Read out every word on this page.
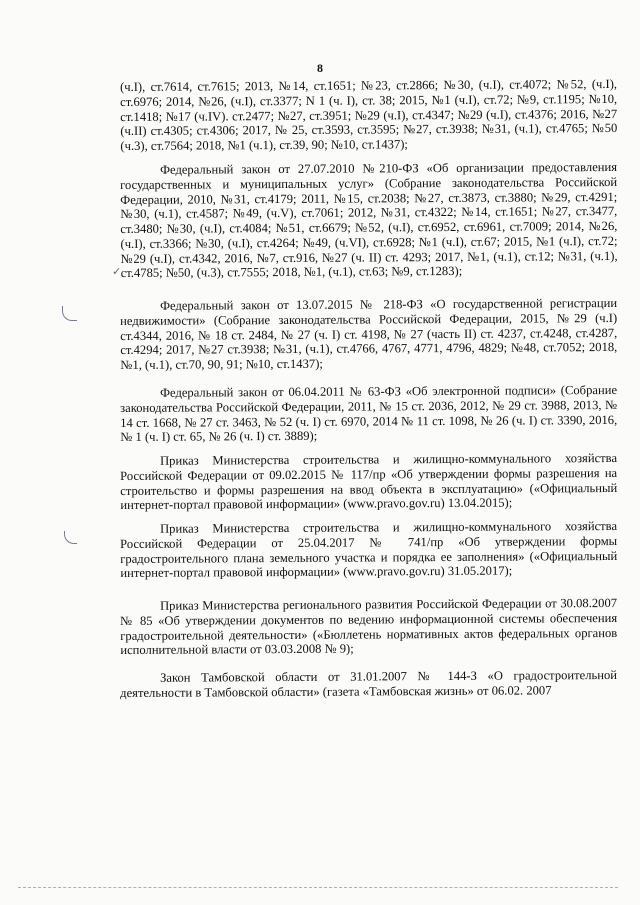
8

(ч.I), ст.7614, ст.7615; 2013, №14, ст.1651; №23, ст.2866; №30, (ч.I), ст.4072; №52, (ч.I), ст.6976; 2014, №26, (ч.I), ст.3377; N 1 (ч. I), ст. 38; 2015, №1 (ч.I), ст.72; №9, ст.1195; №10, ст.1418; №17 (ч.IV). ст.2477; №27, ст.3951; №29 (ч.I), ст.4347; №29 (ч.I), ст.4376; 2016, №27 (ч.II) ст.4305; ст.4306; 2017, № 25, ст.3593, ст.3595; №27, ст.3938; №31, (ч.1), ст.4765; №50 (ч.3), ст.7564; 2018, №1 (ч.1), ст.39, 90; №10, ст.1437);

Федеральный закон от 27.07.2010 №210-ФЗ «Об организации предоставления государственных и муниципальных услуг» (Собрание законодательства Российской Федерации, 2010, №31, ст.4179; 2011, №15, ст.2038; №27, ст.3873, ст.3880; №29, ст.4291; №30, (ч.1), ст.4587; №49, (ч.V), ст.7061; 2012, №31, ст.4322; №14, ст.1651; №27, ст.3477, ст.3480; №30, (ч.I), ст.4084; №51, ст.6679; №52, (ч.I), ст.6952, ст.6961, ст.7009; 2014, №26, (ч.I), ст.3366; №30, (ч.I), ст.4264; №49, (ч.VI), ст.6928; №1 (ч.I), ст.67; 2015, №1 (ч.I), ст.72; №29 (ч.I), ст.4342, 2016, №7, ст.916, №27 (ч. II) ст. 4293; 2017, №1, (ч.1), ст.12; №31, (ч.1), ст.4785; №50, (ч.3), ст.7555; 2018, №1, (ч.1), ст.63; №9, ст.1283);

Федеральный закон от 13.07.2015 № 218-ФЗ «О государственной регистрации недвижимости» (Собрание законодательства Российской Федерации, 2015, №29 (ч.I) ст.4344, 2016, № 18 ст. 2484, № 27 (ч. I) ст. 4198, № 27 (часть II) ст. 4237, ст.4248, ст.4287, ст.4294; 2017, №27 ст.3938; №31, (ч.1), ст.4766, 4767, 4771, 4796, 4829; №48, ст.7052; 2018, №1, (ч.1), ст.70, 90, 91; №10, ст.1437);

Федеральный закон от 06.04.2011 № 63-ФЗ «Об электронной подписи» (Собрание законодательства Российской Федерации, 2011, № 15 ст. 2036, 2012, № 29 ст. 3988, 2013, № 14 ст. 1668, № 27 ст. 3463, № 52 (ч. I) ст. 6970, 2014 № 11 ст. 1098, № 26 (ч. I) ст. 3390, 2016, № 1 (ч. I) ст. 65, № 26 (ч. I) ст. 3889);

Приказ Министерства строительства и жилищно-коммунального хозяйства Российской Федерации от 09.02.2015 № 117/пр «Об утверждении формы разрешения на строительство и формы разрешения на ввод объекта в эксплуатацию» («Официальный интернет-портал правовой информации» (www.pravo.gov.ru) 13.04.2015);

Приказ Министерства строительства и жилищно-коммунального хозяйства Российской Федерации от 25.04.2017 № 741/пр «Об утверждении формы градостроительного плана земельного участка и порядка ее заполнения» («Официальный интернет-портал правовой информации» (www.pravo.gov.ru) 31.05.2017);

Приказ Министерства регионального развития Российской Федерации от 30.08.2007 № 85 «Об утверждении документов по ведению информационной системы обеспечения градостроительной деятельности» («Бюллетень нормативных актов федеральных органов исполнительной власти от 03.03.2008 № 9);

Закон Тамбовской области от 31.01.2007 № 144-З «О градостроительной деятельности в Тамбовской области» (газета «Тамбовская жизнь» от 06.02. 2007

✓
